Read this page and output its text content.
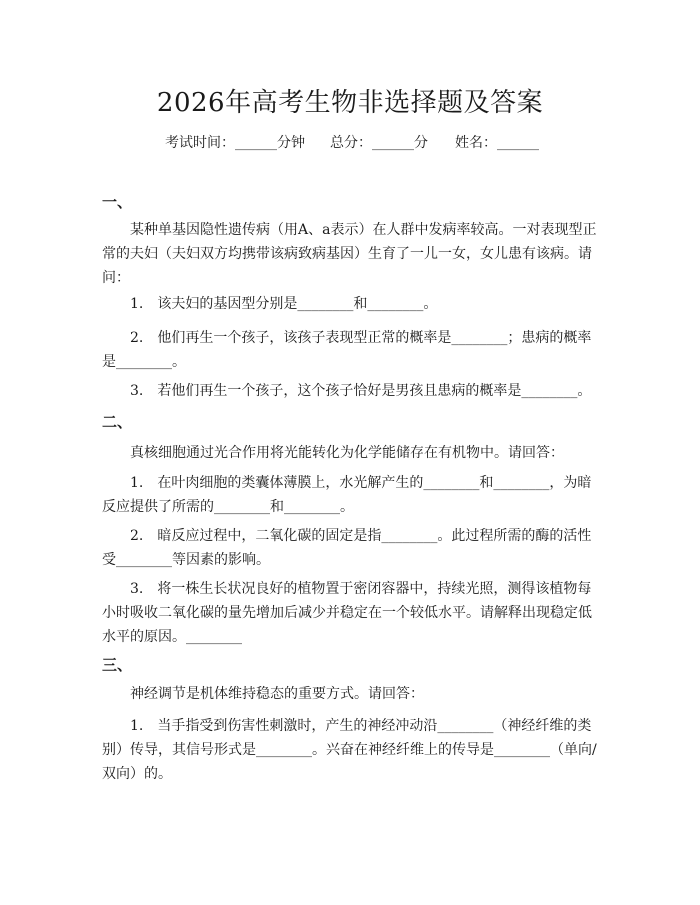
2026年高考生物非选择题及答案
考试时间：______分钟 总分：______分 姓名：______
一、

某种单基因隐性遗传病（用A、a表示）在人群中发病率较高。一对表现型正常的夫妇（夫妇双方均携带该病致病基因）生育了一儿一女，女儿患有该病。请问：

1.　该夫妇的基因型分别是________和________。

2.　他们再生一个孩子，该孩子表现型正常的概率是________；患病的概率是________。

3.　若他们再生一个孩子，这个孩子恰好是男孩且患病的概率是________。

二、

真核细胞通过光合作用将光能转化为化学能储存在有机物中。请回答：

1.　在叶肉细胞的类囊体薄膜上，水光解产生的________和________，为暗反应提供了所需的________和________。

2.　暗反应过程中，二氧化碳的固定是指________。此过程所需的酶的活性受________等因素的影响。

3.　将一株生长状况良好的植物置于密闭容器中，持续光照，测得该植物每小时吸收二氧化碳的量先增加后减少并稳定在一个较低水平。请解释出现稳定低水平的原因。________

三、

神经调节是机体维持稳态的重要方式。请回答：

1.　当手指受到伤害性刺激时，产生的神经冲动沿________（神经纤维的类别）传导，其信号形式是________。兴奋在神经纤维上的传导是________（单向/双向）的。
